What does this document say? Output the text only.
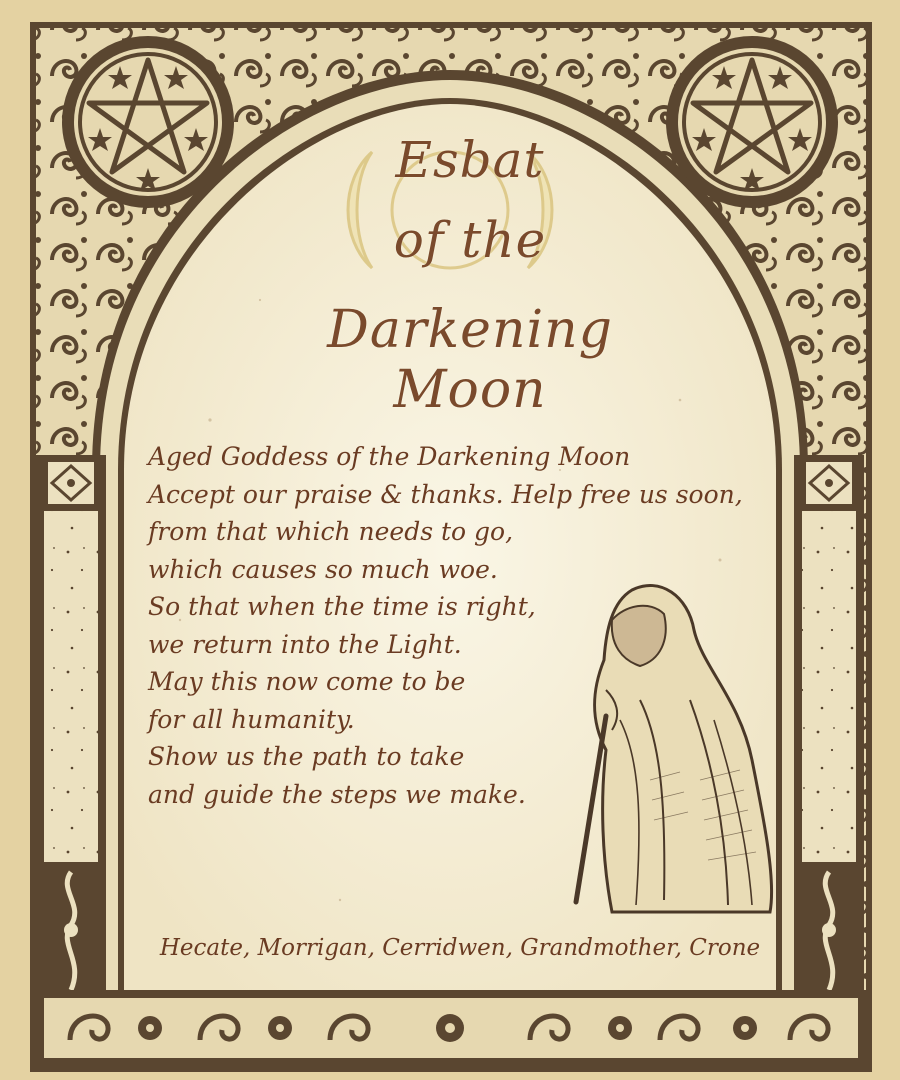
Esbat
of the
Darkening Moon
Aged Goddess of the Darkening Moon
Accept our praise & thanks. Help free us soon,
from that which needs to go,
which causes so much woe.
So that when the time is right,
we return into the Light.
May this now come to be
for all humanity.
Show us the path to take
and guide the steps we make.
Hecate, Morrigan, Cerridwen, Grandmother, Crone
